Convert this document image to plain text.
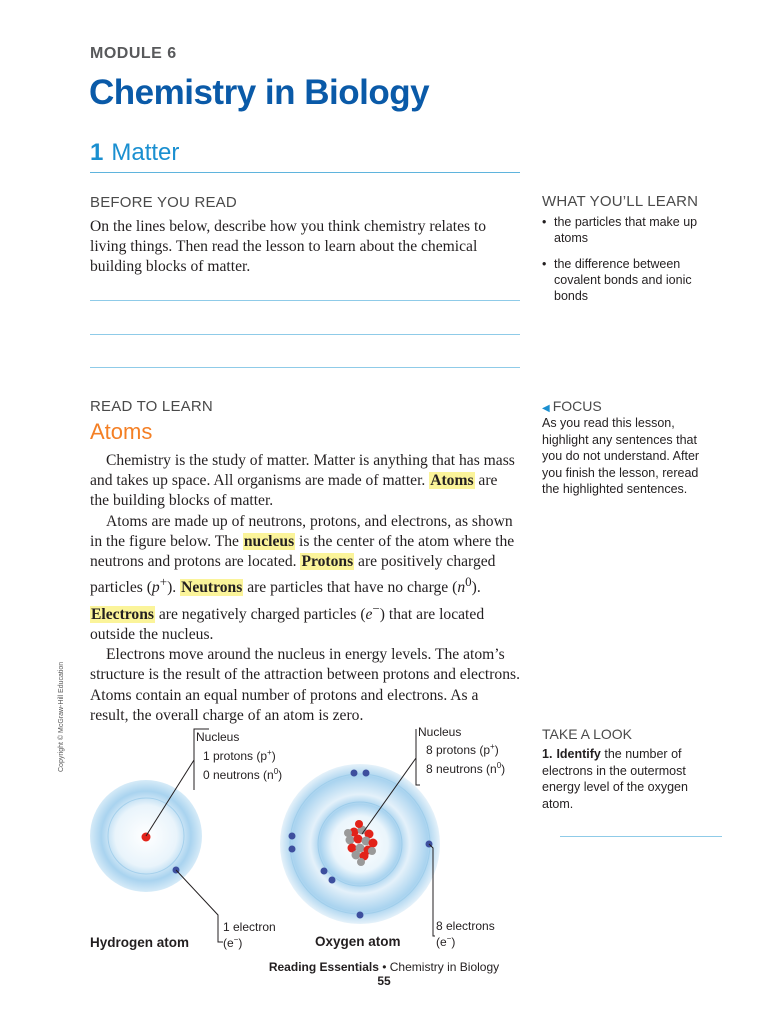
MODULE 6
Chemistry in Biology
1 Matter
BEFORE YOU READ
On the lines below, describe how you think chemistry relates to living things. Then read the lesson to learn about the chemical building blocks of matter.
READ TO LEARN
Atoms

Chemistry is the study of matter. Matter is anything that has mass and takes up space. All organisms are made of matter. Atoms are the building blocks of matter.

Atoms are made up of neutrons, protons, and electrons, as shown in the figure below. The nucleus is the center of the atom where the neutrons and protons are located. Protons are positively charged particles (p+). Neutrons are particles that have no charge $(n^0)$. Electrons are negatively charged particles (e−) that are located outside the nucleus.

Electrons move around the nucleus in energy levels. The atom’s structure is the result of the attraction between protons and electrons. Atoms contain an equal number of protons and electrons. As a result, the overall charge of an atom is zero.

WHAT YOU’LL LEARN
• the particles that make up atoms
• the difference between covalent bonds and ionic bonds
◀ FOCUS
As you read this lesson, highlight any sentences that you do not understand. After you finish the lesson, reread the highlighted sentences.
TAKE A LOOK
1. Identify the number of electrons in the outermost energy level of the oxygen atom.
Copyright © McGraw-Hill Education	Nucleus
1 protons (p+)
0 neutrons $(n^0)$
1 electron
(e−)
Hydrogen atom
Nucleus
8 protons (p+)
8 neutrons $(n^0)$
8 electrons
(e−)
Oxygen atom
Reading Essentials • Chemistry in Biology
55
